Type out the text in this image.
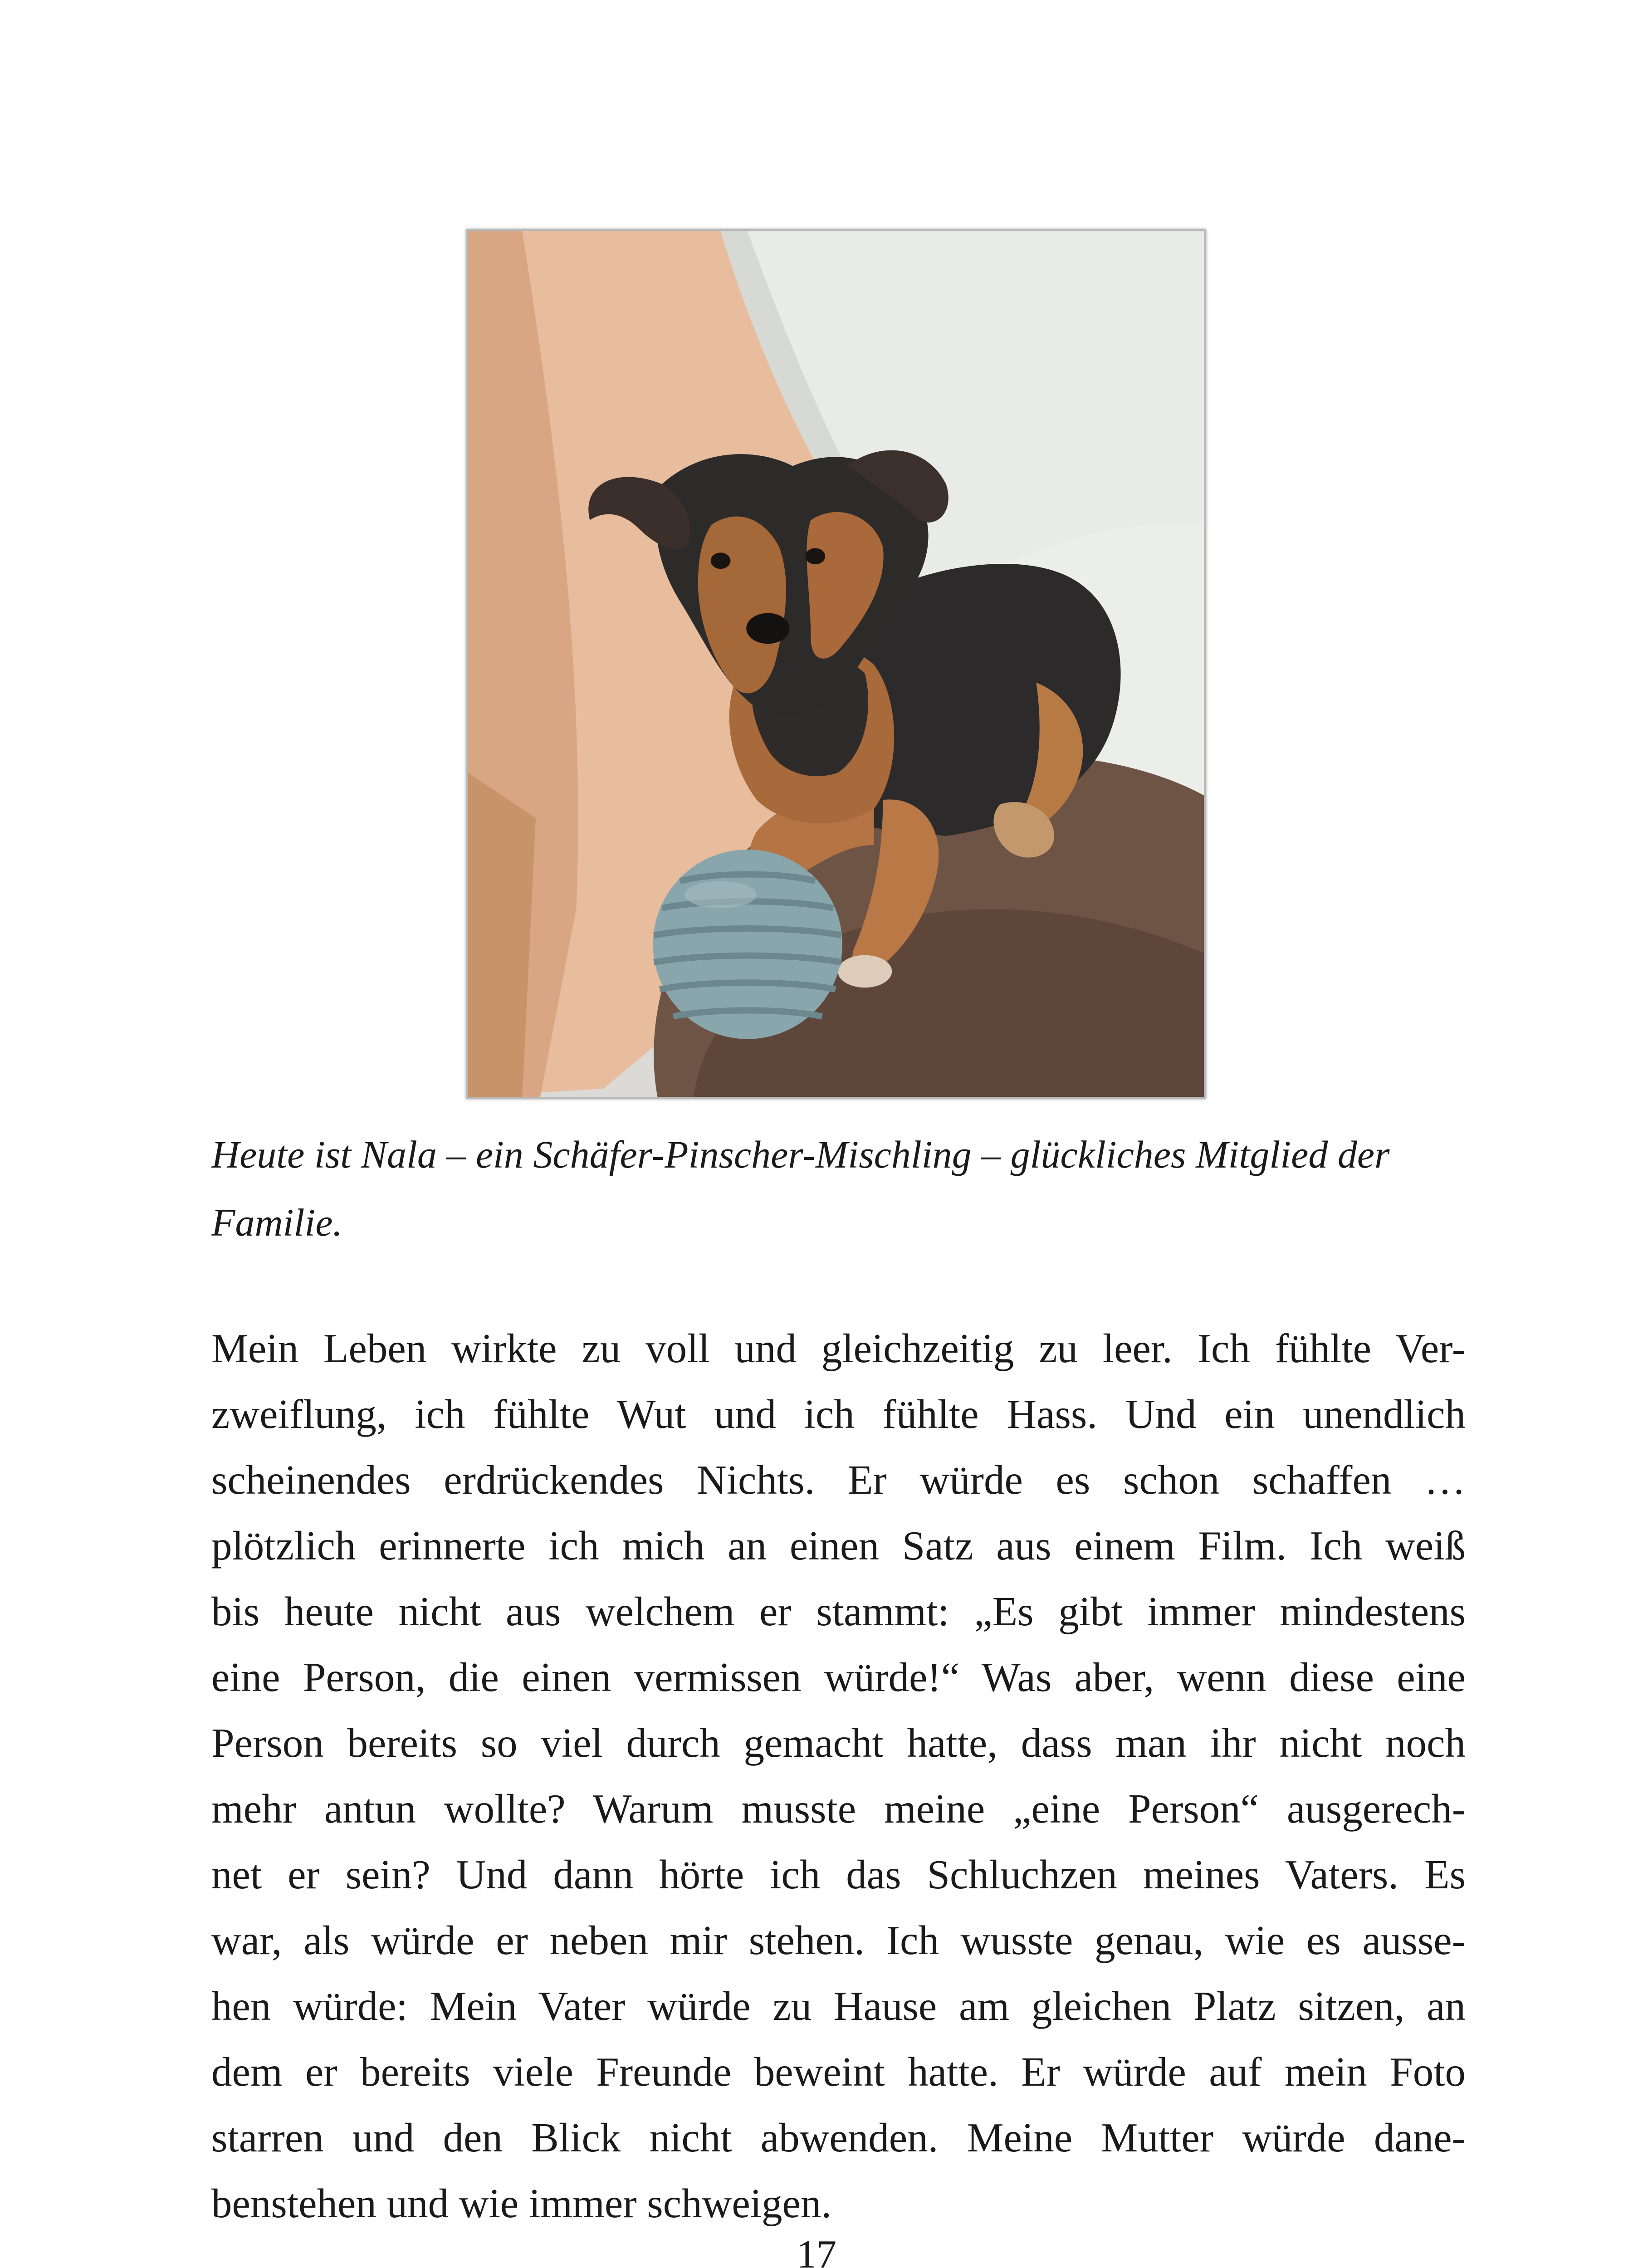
Heute ist Nala – ein Schäfer-Pinscher-Mischling – glückliches Mitglied der Familie.

Mein Leben wirkte zu voll und gleichzeitig zu leer. Ich fühlte Ver-
zweiflung, ich fühlte Wut und ich fühlte Hass. Und ein unendlich
scheinendes erdrückendes Nichts. Er würde es schon schaffen …
plötzlich erinnerte ich mich an einen Satz aus einem Film. Ich weiß
bis heute nicht aus welchem er stammt: „Es gibt immer mindestens
eine Person, die einen vermissen würde!“ Was aber, wenn diese eine
Person bereits so viel durch gemacht hatte, dass man ihr nicht noch
mehr antun wollte? Warum musste meine „eine Person“ ausgerech-
net er sein? Und dann hörte ich das Schluchzen meines Vaters. Es
war, als würde er neben mir stehen. Ich wusste genau, wie es ausse-
hen würde: Mein Vater würde zu Hause am gleichen Platz sitzen, an
dem er bereits viele Freunde beweint hatte. Er würde auf mein Foto
starren und den Blick nicht abwenden. Meine Mutter würde dane-
benstehen und wie immer schweigen.
17
